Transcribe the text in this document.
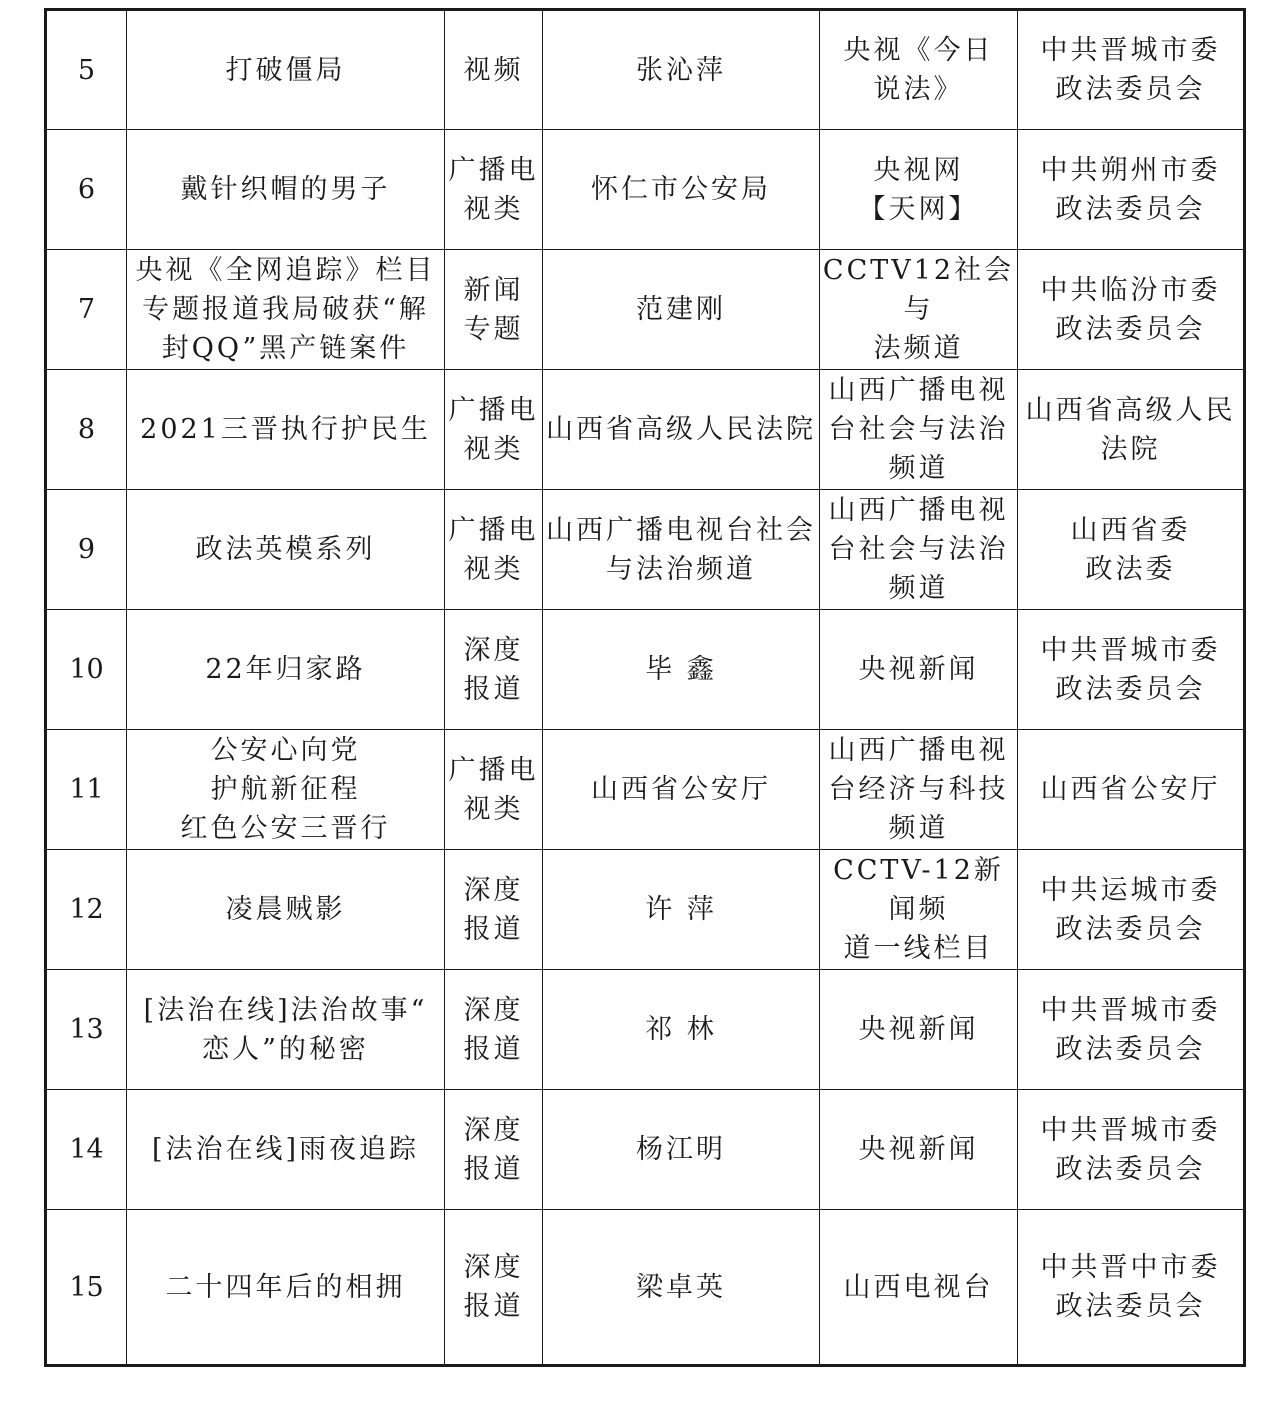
5	打破僵局	视频	张沁萍	央视《今日
说法》	中共晋城市委
政法委员会
6	戴针织帽的男子	广播电
视类	怀仁市公安局	央视网
【天网】	中共朔州市委
政法委员会
7	央视《全网追踪》栏目
专题报道我局破获“解
封QQ”黑产链案件	新闻
专题	范建刚	CCTV12社会与
法频道	中共临汾市委
政法委员会
8	2021三晋执行护民生	广播电
视类	山西省高级人民法院	山西广播电视
台社会与法治
频道	山西省高级人民
法院
9	政法英模系列	广播电
视类	山西广播电视台社会
与法治频道	山西广播电视
台社会与法治
频道	山西省委
政法委
10	22年归家路	深度
报道	毕 鑫	央视新闻	中共晋城市委
政法委员会
11	公安心向党
护航新征程
红色公安三晋行	广播电
视类	山西省公安厅	山西广播电视
台经济与科技
频道	山西省公安厅
12	凌晨贼影	深度
报道	许 萍	CCTV-12新闻频
道一线栏目	中共运城市委
政法委员会
13	[法治在线]法治故事“
恋人”的秘密	深度
报道	祁 林	央视新闻	中共晋城市委
政法委员会
14	[法治在线]雨夜追踪	深度
报道	杨江明	央视新闻	中共晋城市委
政法委员会
15	二十四年后的相拥	深度
报道	梁卓英	山西电视台	中共晋中市委
政法委员会
